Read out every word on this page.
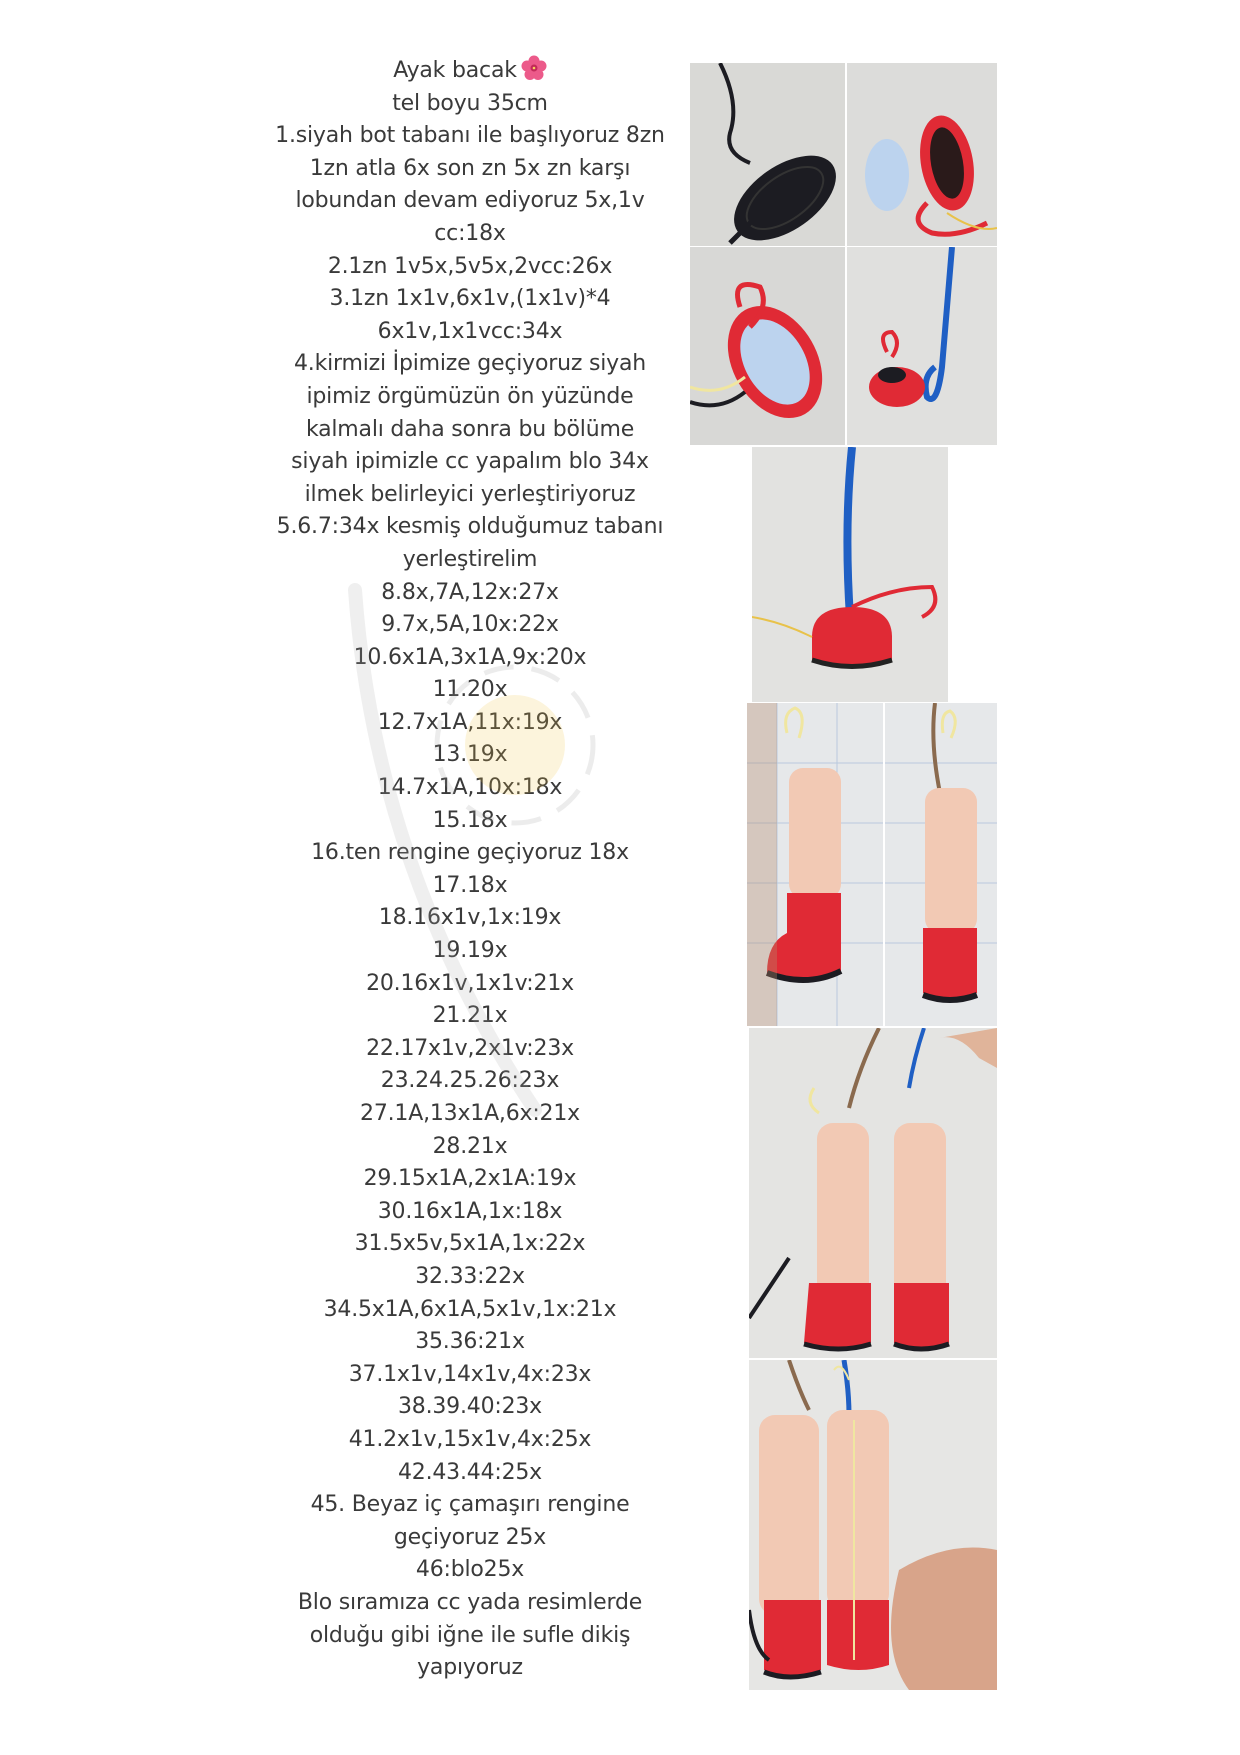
Ayak bacak
tel boyu 35cm
1.siyah bot tabanı ile başlıyoruz 8zn
1zn atla 6x son zn 5x zn karşı
lobundan devam ediyoruz 5x,1v
cc:18x
2.1zn 1v5x,5v5x,2vcc:26x
3.1zn 1x1v,6x1v,(1x1v)*4
6x1v,1x1vcc:34x
4.kirmizi İpimize geçiyoruz siyah
ipimiz örgümüzün ön yüzünde
kalmalı daha sonra bu bölüme
siyah ipimizle cc yapalım blo 34x
ilmek belirleyici yerleştiriyoruz
5.6.7:34x kesmiş olduğumuz tabanı
yerleştirelim
8.8x,7A,12x:27x
9.7x,5A,10x:22x
10.6x1A,3x1A,9x:20x
11.20x
12.7x1A,11x:19x
13.19x
14.7x1A,10x:18x
15.18x
16.ten rengine geçiyoruz 18x
17.18x
18.16x1v,1x:19x
19.19x
20.16x1v,1x1v:21x
21.21x
22.17x1v,2x1v:23x
23.24.25.26:23x
27.1A,13x1A,6x:21x
28.21x
29.15x1A,2x1A:19x
30.16x1A,1x:18x
31.5x5v,5x1A,1x:22x
32.33:22x
34.5x1A,6x1A,5x1v,1x:21x
35.36:21x
37.1x1v,14x1v,4x:23x
38.39.40:23x
41.2x1v,15x1v,4x:25x
42.43.44:25x
45. Beyaz iç çamaşırı rengine
geçiyoruz 25x
46:blo25x
Blo sıramıza cc yada resimlerde
olduğu gibi iğne ile sufle dikiş
yapıyoruz
